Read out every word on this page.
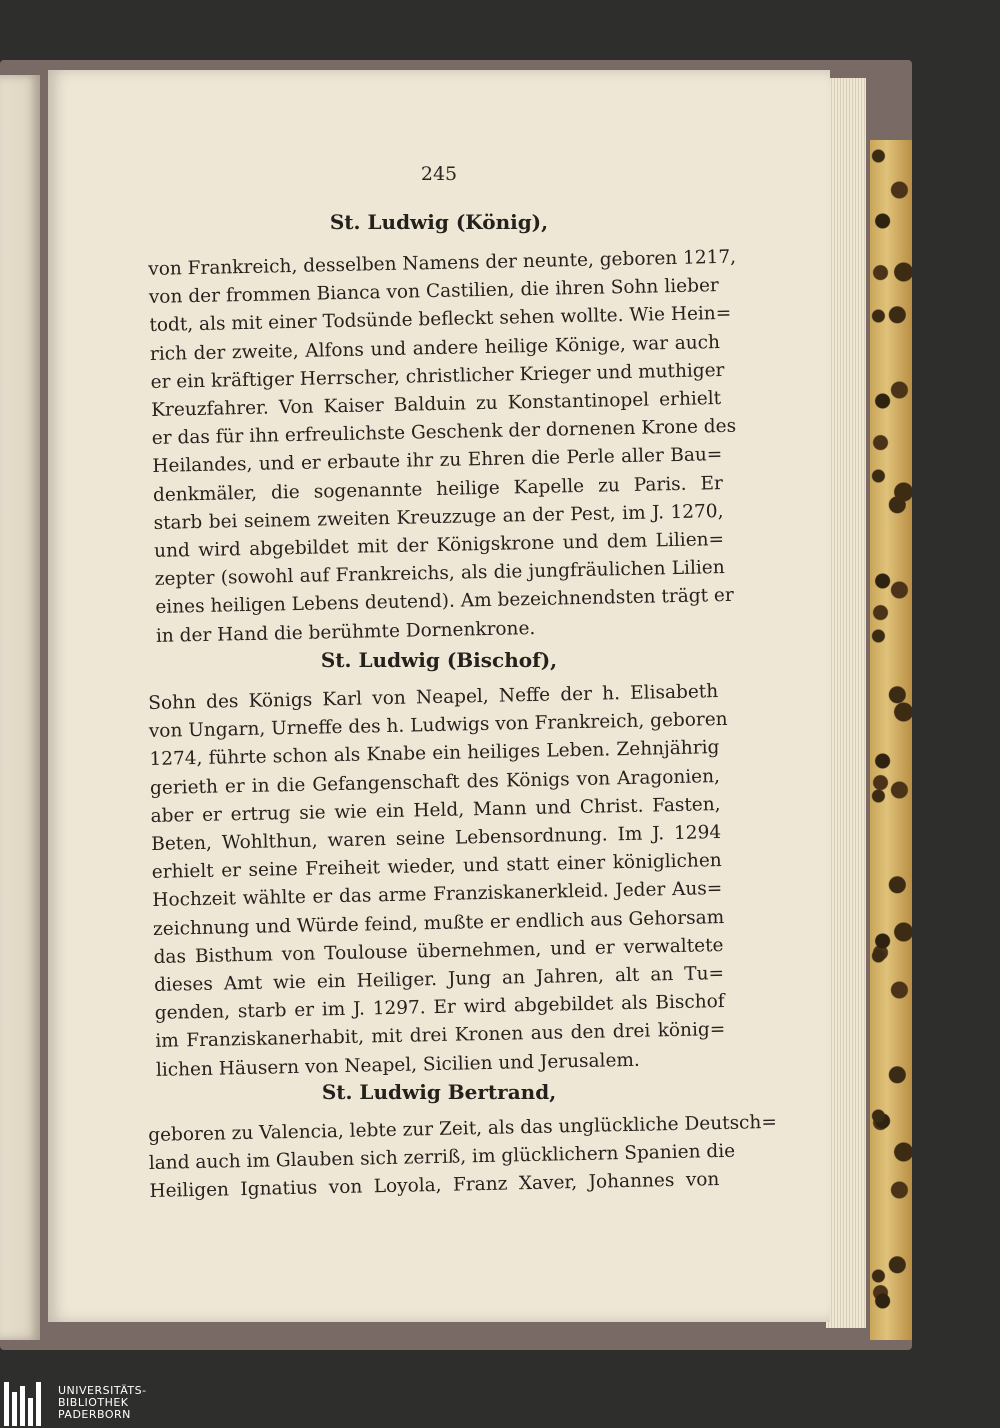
245
St. Ludwig (König),
von Frankreich, desselben Namens der neunte, geboren 1217,
von der frommen Bianca von Castilien, die ihren Sohn lieber
todt, als mit einer Todsünde befleckt sehen wollte. Wie Hein=
rich der zweite, Alfons und andere heilige Könige, war auch
er ein kräftiger Herrscher, christlicher Krieger und muthiger
Kreuzfahrer. Von Kaiser Balduin zu Konstantinopel erhielt
er das für ihn erfreulichste Geschenk der dornenen Krone des
Heilandes, und er erbaute ihr zu Ehren die Perle aller Bau=
denkmäler, die sogenannte heilige Kapelle zu Paris. Er
starb bei seinem zweiten Kreuzzuge an der Pest, im J. 1270,
und wird abgebildet mit der Königskrone und dem Lilien=
zepter (sowohl auf Frankreichs, als die jungfräulichen Lilien
eines heiligen Lebens deutend). Am bezeichnendsten trägt er
in der Hand die berühmte Dornenkrone.
St. Ludwig (Bischof),
Sohn des Königs Karl von Neapel, Neffe der h. Elisabeth
von Ungarn, Urneffe des h. Ludwigs von Frankreich, geboren
1274, führte schon als Knabe ein heiliges Leben. Zehnjährig
gerieth er in die Gefangenschaft des Königs von Aragonien,
aber er ertrug sie wie ein Held, Mann und Christ. Fasten,
Beten, Wohlthun, waren seine Lebensordnung. Im J. 1294
erhielt er seine Freiheit wieder, und statt einer königlichen
Hochzeit wählte er das arme Franziskanerkleid. Jeder Aus=
zeichnung und Würde feind, mußte er endlich aus Gehorsam
das Bisthum von Toulouse übernehmen, und er verwaltete
dieses Amt wie ein Heiliger. Jung an Jahren, alt an Tu=
genden, starb er im J. 1297. Er wird abgebildet als Bischof
im Franziskanerhabit, mit drei Kronen aus den drei könig=
lichen Häusern von Neapel, Sicilien und Jerusalem.
St. Ludwig Bertrand,
geboren zu Valencia, lebte zur Zeit, als das unglückliche Deutsch=
land auch im Glauben sich zerriß, im glücklichern Spanien die
Heiligen Ignatius von Loyola, Franz Xaver, Johannes von
UNIVERSITÄTS-
BIBLIOTHEK
PADERBORN
